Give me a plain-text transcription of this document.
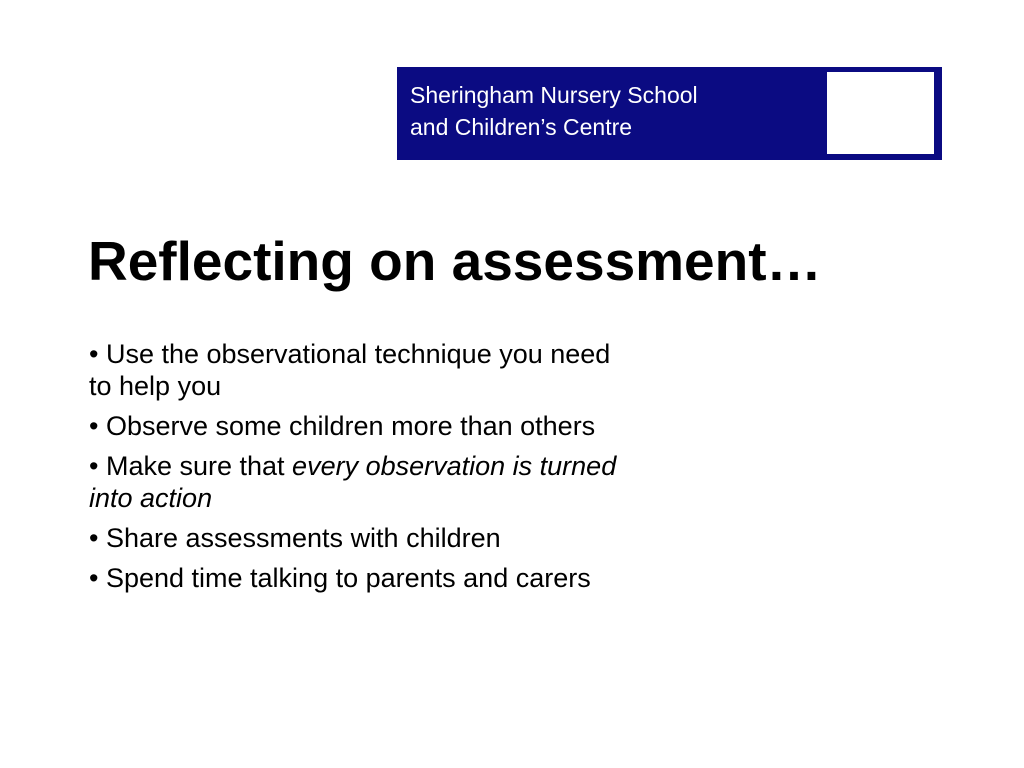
Sheringham Nursery School
and Children’s Centre
Reflecting on assessment…
• Use the observational technique you need
to help you
• Observe some children more than others
• Make sure that every observation is turned
into action
• Share assessments with children
• Spend time talking to parents and carers
